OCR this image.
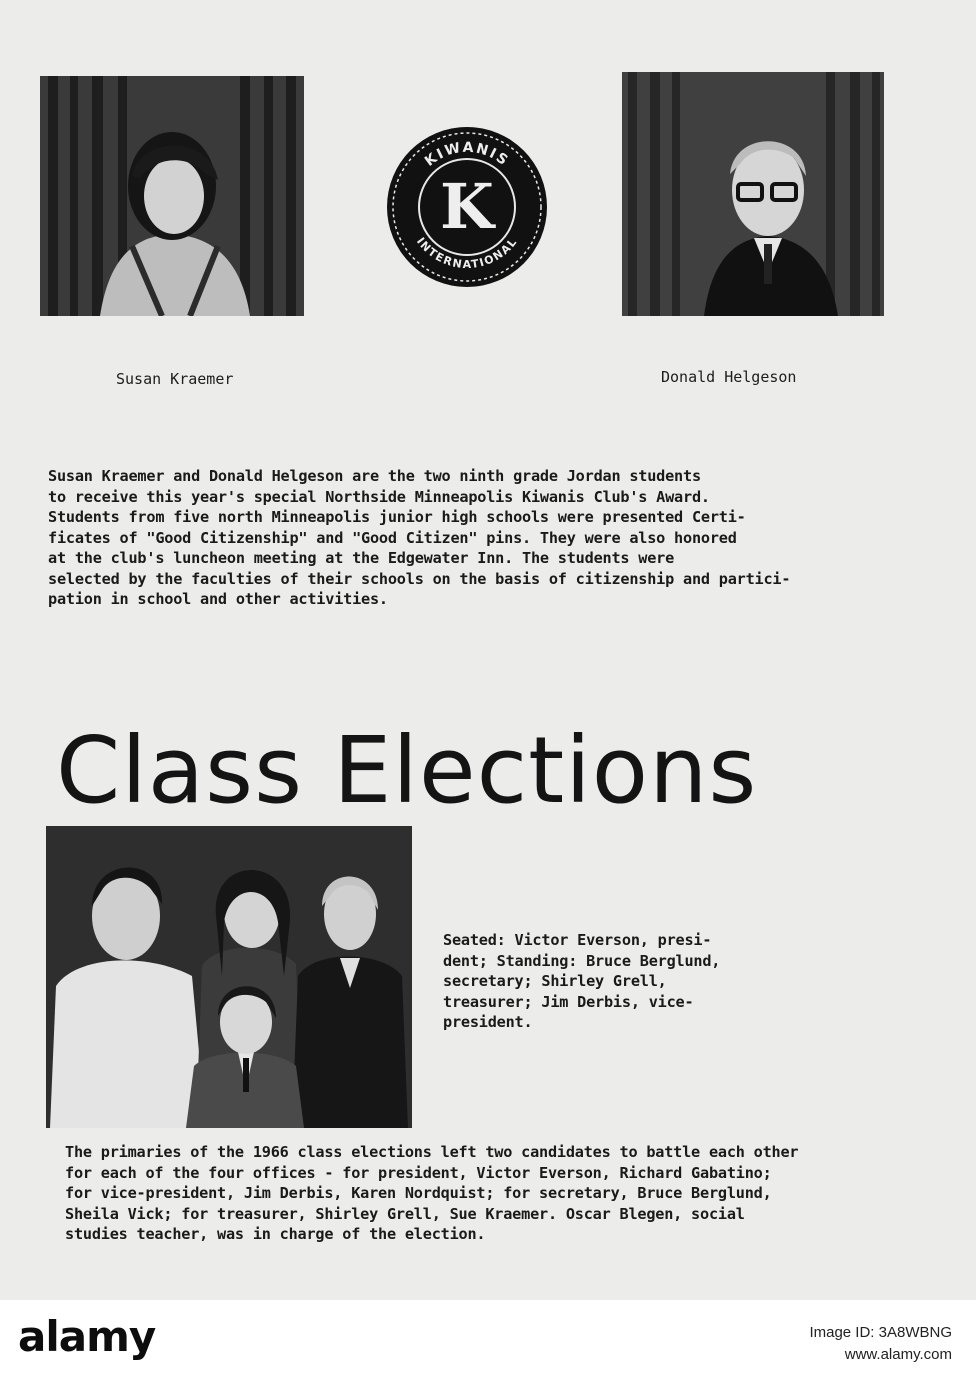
KIWANIS
INTERNATIONAL
K
Susan Kraemer	Donald Helgeson

Susan Kraemer and Donald Helgeson are the two ninth grade Jordan students

to receive this year's special Northside Minneapolis Kiwanis Club's Award.

Students from five north Minneapolis junior high schools were presented Certi-

ficates of "Good Citizenship" and "Good Citizen" pins. They were also honored

at the club's luncheon meeting at the Edgewater Inn. The students were

selected by the faculties of their schools on the basis of citizenship and partici-

pation in school and other activities.

Class Elections

Seated: Victor Everson, presi-

dent; Standing: Bruce Berglund,

secretary; Shirley Grell,

treasurer; Jim Derbis, vice-

president.

The primaries of the 1966 class elections left two candidates to battle each other

for each of the four offices - for president, Victor Everson, Richard Gabatino;

for vice-president, Jim Derbis, Karen Nordquist; for secretary, Bruce Berglund,

Sheila Vick; for treasurer, Shirley Grell, Sue Kraemer. Oscar Blegen, social

studies teacher, was in charge of the election.

alamy	Image ID: 3A8WBNG
www.alamy.com
